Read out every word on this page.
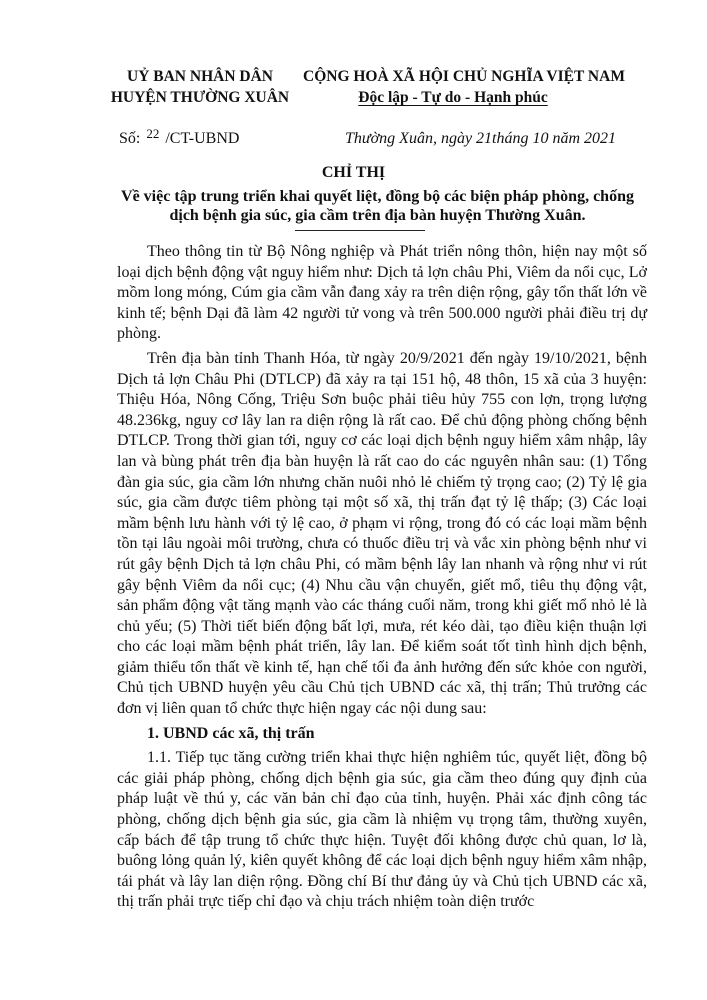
UỶ BAN NHÂN DÂN
HUYỆN THƯỜNG XUÂN
CỘNG HOÀ XÃ HỘI CHỦ NGHĨA VIỆT NAM
Độc lập - Tự do - Hạnh phúc
Số: $^{22}$ /CT-UBND	Thường Xuân, ngày 21tháng 10 năm 2021
CHỈ THỊ
Về việc tập trung triển khai quyết liệt, đồng bộ các biện pháp phòng, chống dịch bệnh gia súc, gia cầm trên địa bàn huyện Thường Xuân.

Theo thông tin từ Bộ Nông nghiệp và Phát triển nông thôn, hiện nay một số loại dịch bệnh động vật nguy hiểm như: Dịch tả lợn châu Phi, Viêm da nổi cục, Lở mồm long móng, Cúm gia cầm vẫn đang xảy ra trên diện rộng, gây tổn thất lớn về kinh tế; bệnh Dại đã làm 42 người tử vong và trên 500.000 người phải điều trị dự phòng.

Trên địa bàn tỉnh Thanh Hóa, từ ngày 20/9/2021 đến ngày 19/10/2021, bệnh Dịch tả lợn Châu Phi (DTLCP) đã xảy ra tại 151 hộ, 48 thôn, 15 xã của 3 huyện: Thiệu Hóa, Nông Cống, Triệu Sơn buộc phải tiêu hủy 755 con lợn, trọng lượng 48.236kg, nguy cơ lây lan ra diện rộng là rất cao. Để chủ động phòng chống bệnh DTLCP. Trong thời gian tới, nguy cơ các loại dịch bệnh nguy hiểm xâm nhập, lây lan và bùng phát trên địa bàn huyện là rất cao do các nguyên nhân sau: (1) Tổng đàn gia súc, gia cầm lớn nhưng chăn nuôi nhỏ lẻ chiếm tỷ trọng cao; (2) Tỷ lệ gia súc, gia cầm được tiêm phòng tại một số xã, thị trấn đạt tỷ lệ thấp; (3) Các loại mầm bệnh lưu hành với tỷ lệ cao, ở phạm vi rộng, trong đó có các loại mầm bệnh tồn tại lâu ngoài môi trường, chưa có thuốc điều trị và vắc xin phòng bệnh như vi rút gây bệnh Dịch tả lợn châu Phi, có mầm bệnh lây lan nhanh và rộng như vi rút gây bệnh Viêm da nổi cục; (4) Nhu cầu vận chuyển, giết mổ, tiêu thụ động vật, sản phẩm động vật tăng mạnh vào các tháng cuối năm, trong khi giết mổ nhỏ lẻ là chủ yếu; (5) Thời tiết biến động bất lợi, mưa, rét kéo dài, tạo điều kiện thuận lợi cho các loại mầm bệnh phát triển, lây lan. Để kiểm soát tốt tình hình dịch bệnh, giảm thiểu tổn thất về kinh tế, hạn chế tối đa ảnh hưởng đến sức khỏe con người, Chủ tịch UBND huyện yêu cầu Chủ tịch UBND các xã, thị trấn; Thủ trưởng các đơn vị liên quan tổ chức thực hiện ngay các nội dung sau:

1. UBND các xã, thị trấn

1.1. Tiếp tục tăng cường triển khai thực hiện nghiêm túc, quyết liệt, đồng bộ các giải pháp phòng, chống dịch bệnh gia súc, gia cầm theo đúng quy định của pháp luật về thú y, các văn bản chỉ đạo của tỉnh, huyện. Phải xác định công tác phòng, chống dịch bệnh gia súc, gia cầm là nhiệm vụ trọng tâm, thường xuyên, cấp bách để tập trung tổ chức thực hiện. Tuyệt đối không được chủ quan, lơ là, buông lỏng quản lý, kiên quyết không để các loại dịch bệnh nguy hiểm xâm nhập, tái phát và lây lan diện rộng. Đồng chí Bí thư đảng ủy và Chủ tịch UBND các xã, thị trấn phải trực tiếp chỉ đạo và chịu trách nhiệm toàn diện trước
